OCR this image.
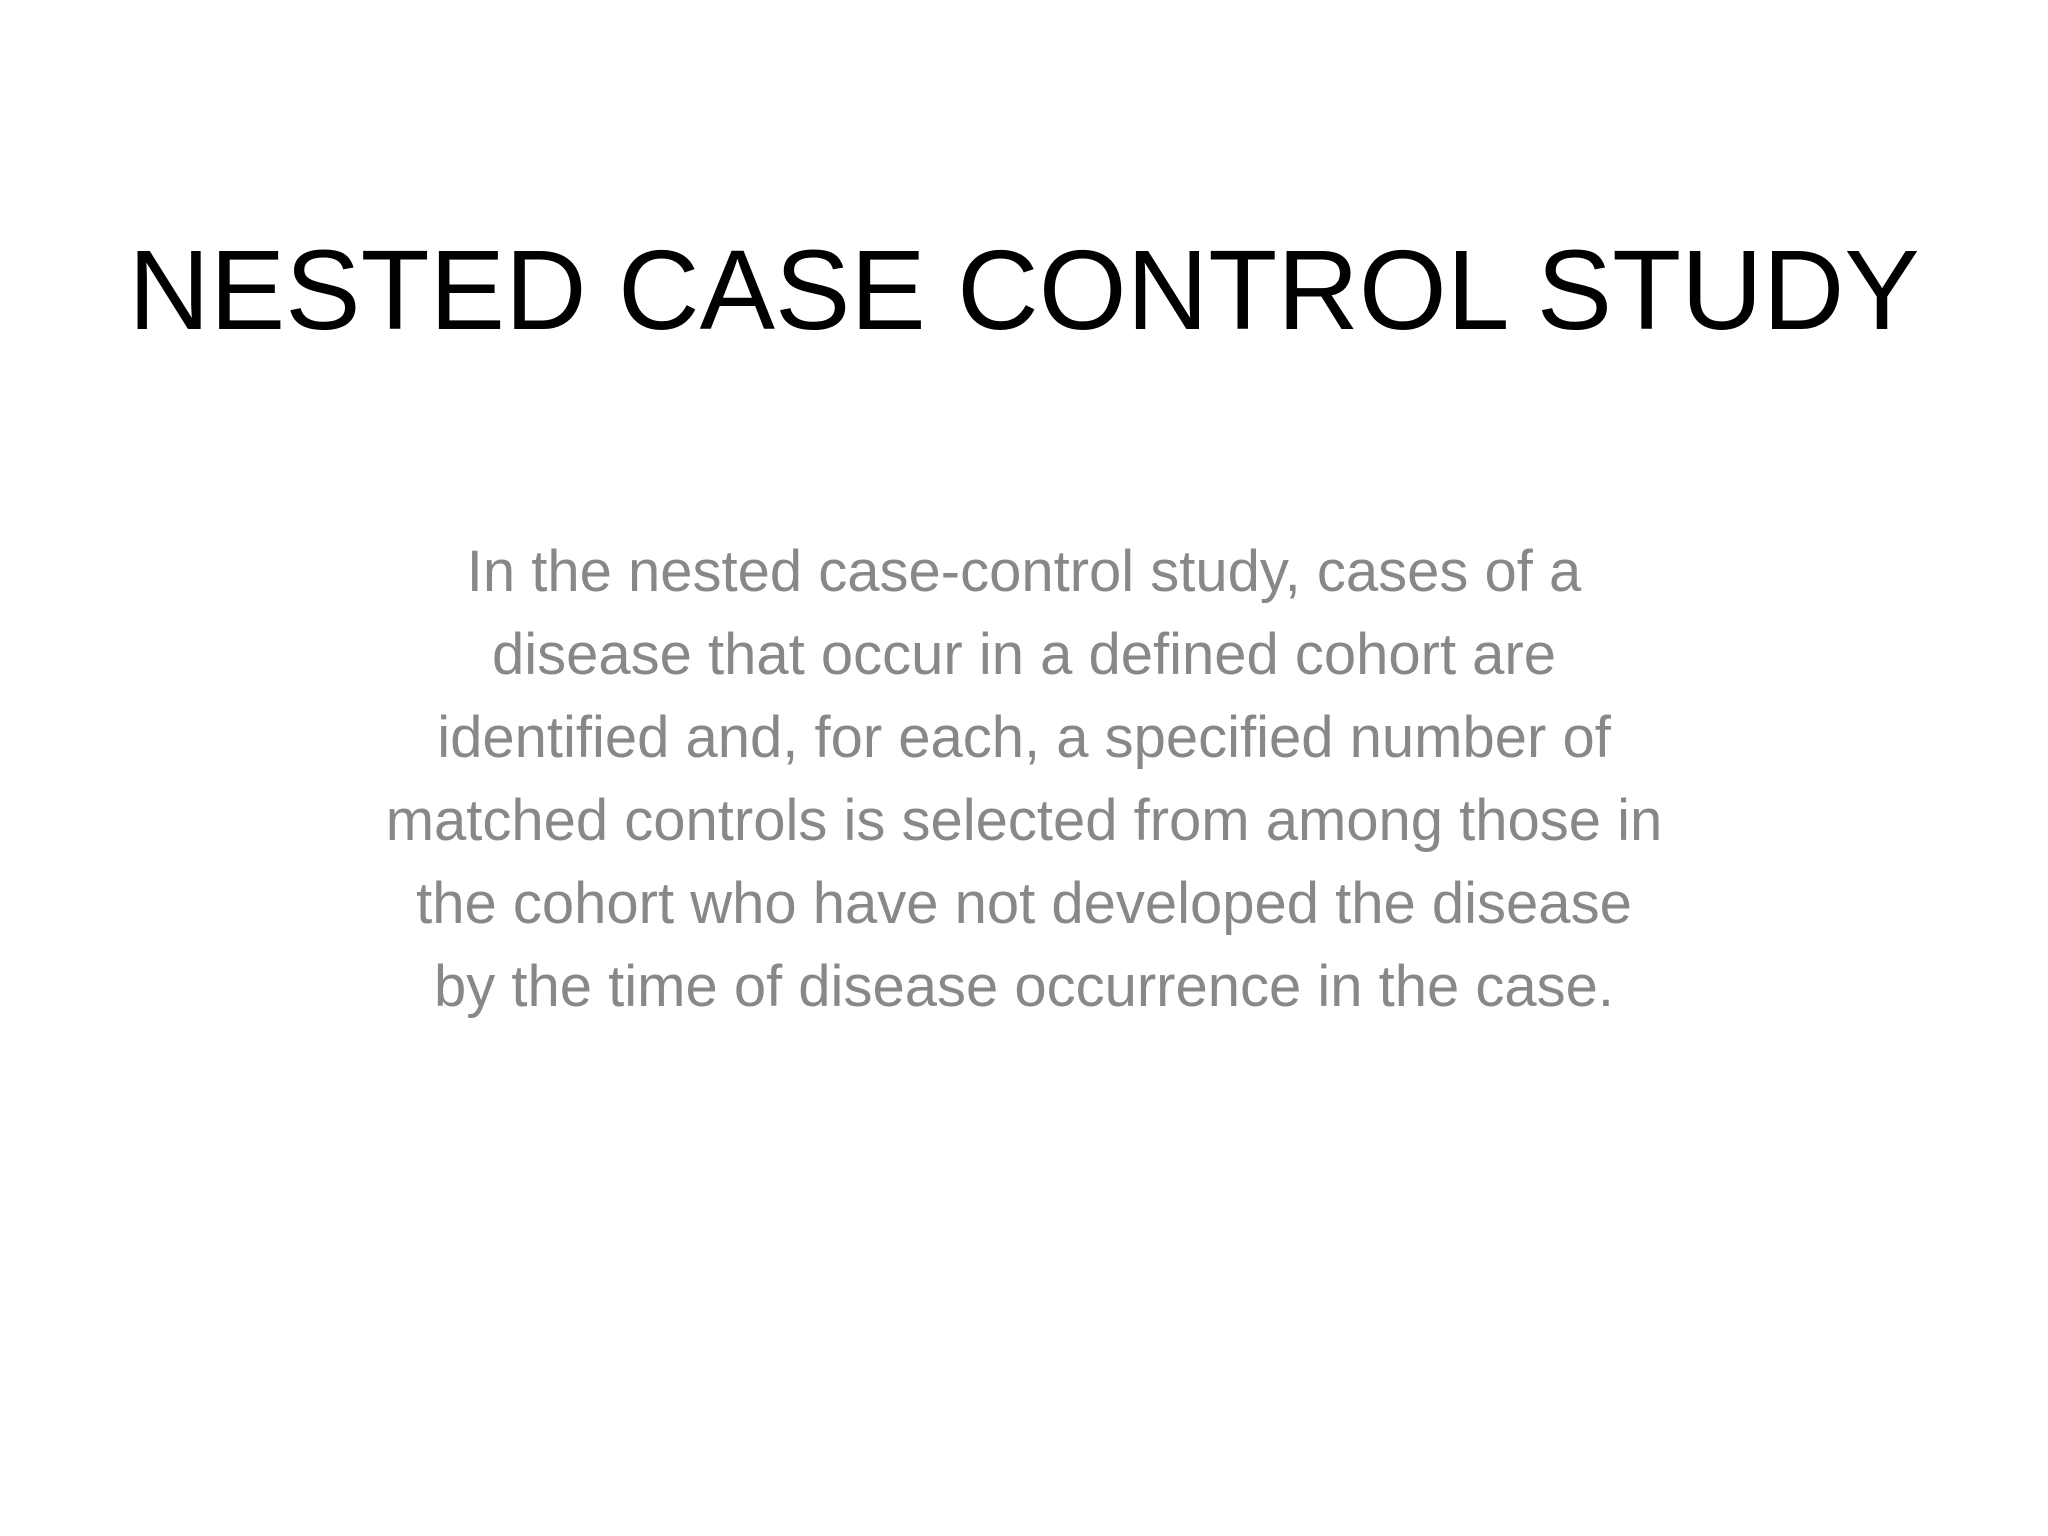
NESTED CASE CONTROL STUDY
In the nested case-control study, cases of a
disease that occur in a defined cohort are
identified and, for each, a specified number of
matched controls is selected from among those in
the cohort who have not developed the disease
by the time of disease occurrence in the case.
